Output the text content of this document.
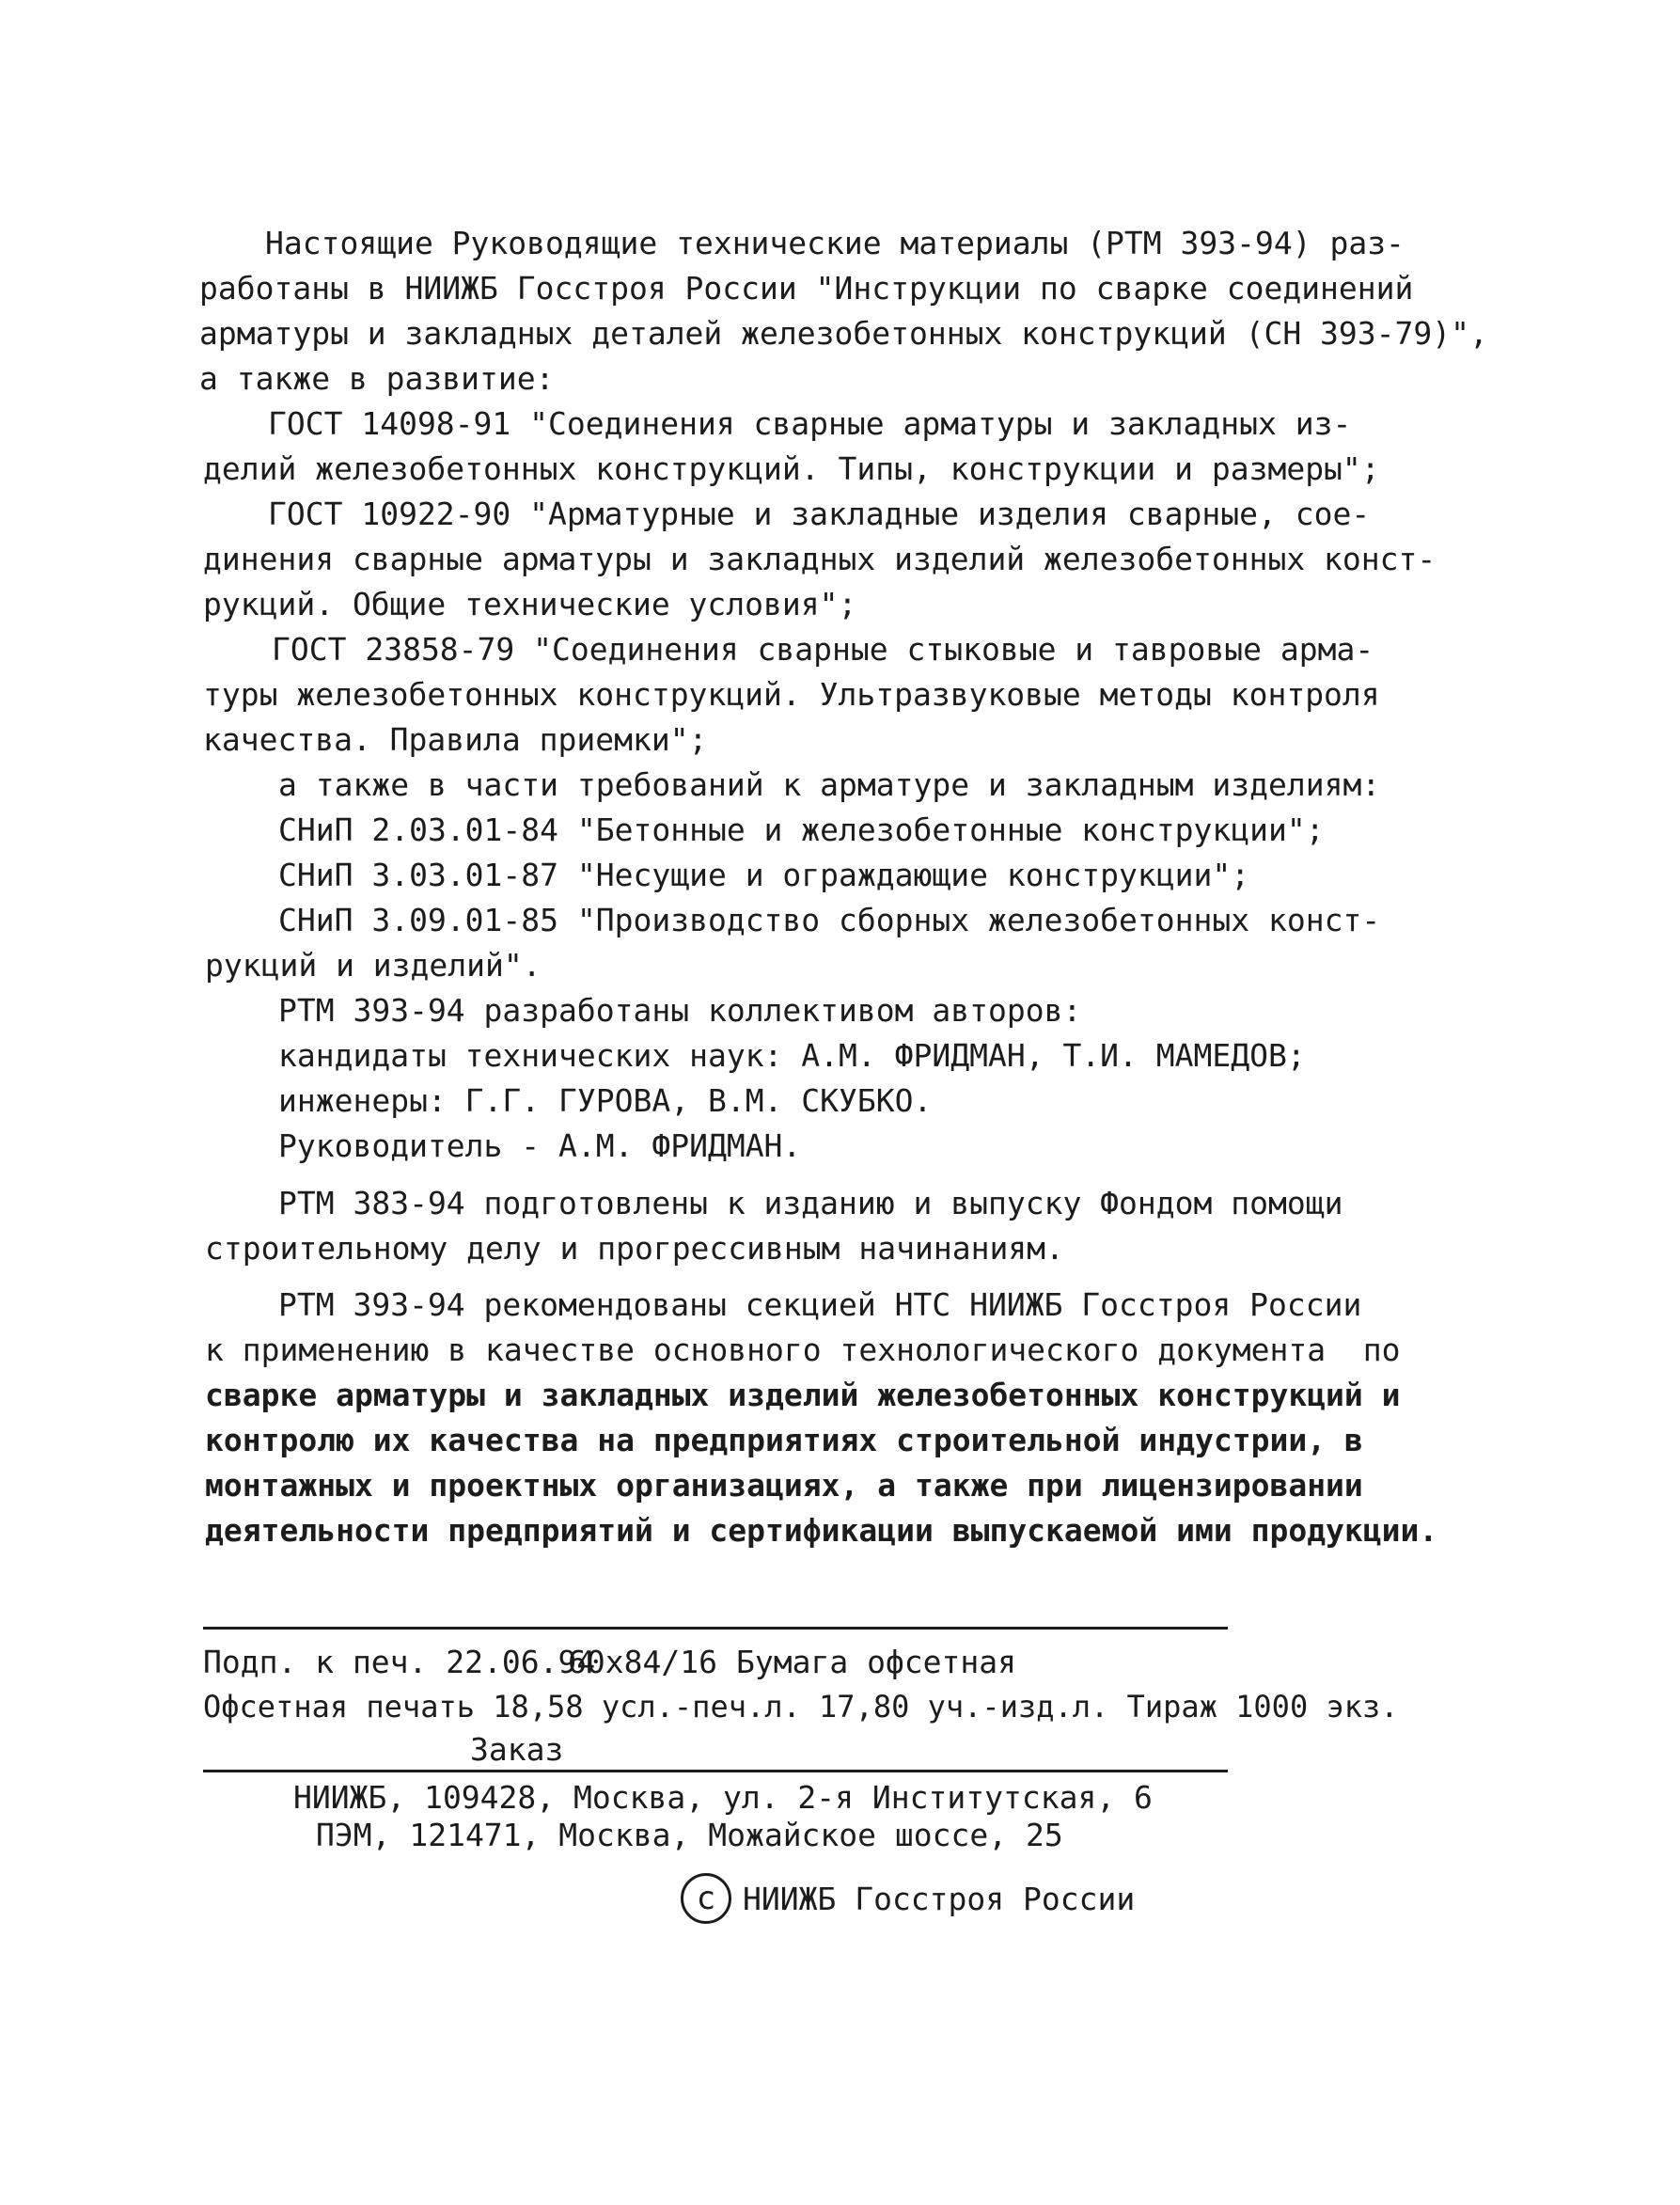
Настоящие Руководящие технические материалы (РТМ 393-94) раз-
работаны в НИИЖБ Госстроя России "Инструкции по сварке соединений
арматуры и закладных деталей железобетонных конструкций (СН 393-79)",
а также в развитие:
ГОСТ 14098-91 "Соединения сварные арматуры и закладных из-
делий железобетонных конструкций. Типы, конструкции и размеры";
ГОСТ 10922-90 "Арматурные и закладные изделия сварные, сое-
динения сварные арматуры и закладных изделий железобетонных конст-
рукций. Общие технические условия";
ГОСТ 23858-79 "Соединения сварные стыковые и тавровые арма-
туры железобетонных конструкций. Ультразвуковые методы контроля
качества. Правила приемки";
а также в части требований к арматуре и закладным изделиям:
СНиП 2.03.01-84 "Бетонные и железобетонные конструкции";
СНиП 3.03.01-87 "Несущие и ограждающие конструкции";
СНиП 3.09.01-85 "Производство сборных железобетонных конст-
рукций и изделий".
РТМ 393-94 разработаны коллективом авторов:
кандидаты технических наук: А.М. ФРИДМАН, Т.И. МАМЕДОВ;
инженеры: Г.Г. ГУРОВА, В.М. СКУБКО.
Руководитель - А.М. ФРИДМАН.
РТМ 383-94 подготовлены к изданию и выпуску Фондом помощи
строительному делу и прогрессивным начинаниям.
РТМ 393-94 рекомендованы секцией НТС НИИЖБ Госстроя России
к применению в качестве основного технологического документа  по
сварке арматуры и закладных изделий железобетонных конструкций и
контролю их качества на предприятиях строительной индустрии, в
монтажных и проектных организациях, а также при лицензировании
деятельности предприятий и сертификации выпускаемой ими продукции.
Подп. к печ. 22.06.94
60x84/16 Бумага офсетная
Офсетная печать 18,58 усл.-печ.л. 17,80 уч.-изд.л. Тираж 1000 экз.
Заказ
НИИЖБ, 109428, Москва, ул. 2-я Институтская, 6
ПЭМ, 121471, Москва, Можайское шоссе, 25
c НИИЖБ Госстроя России
